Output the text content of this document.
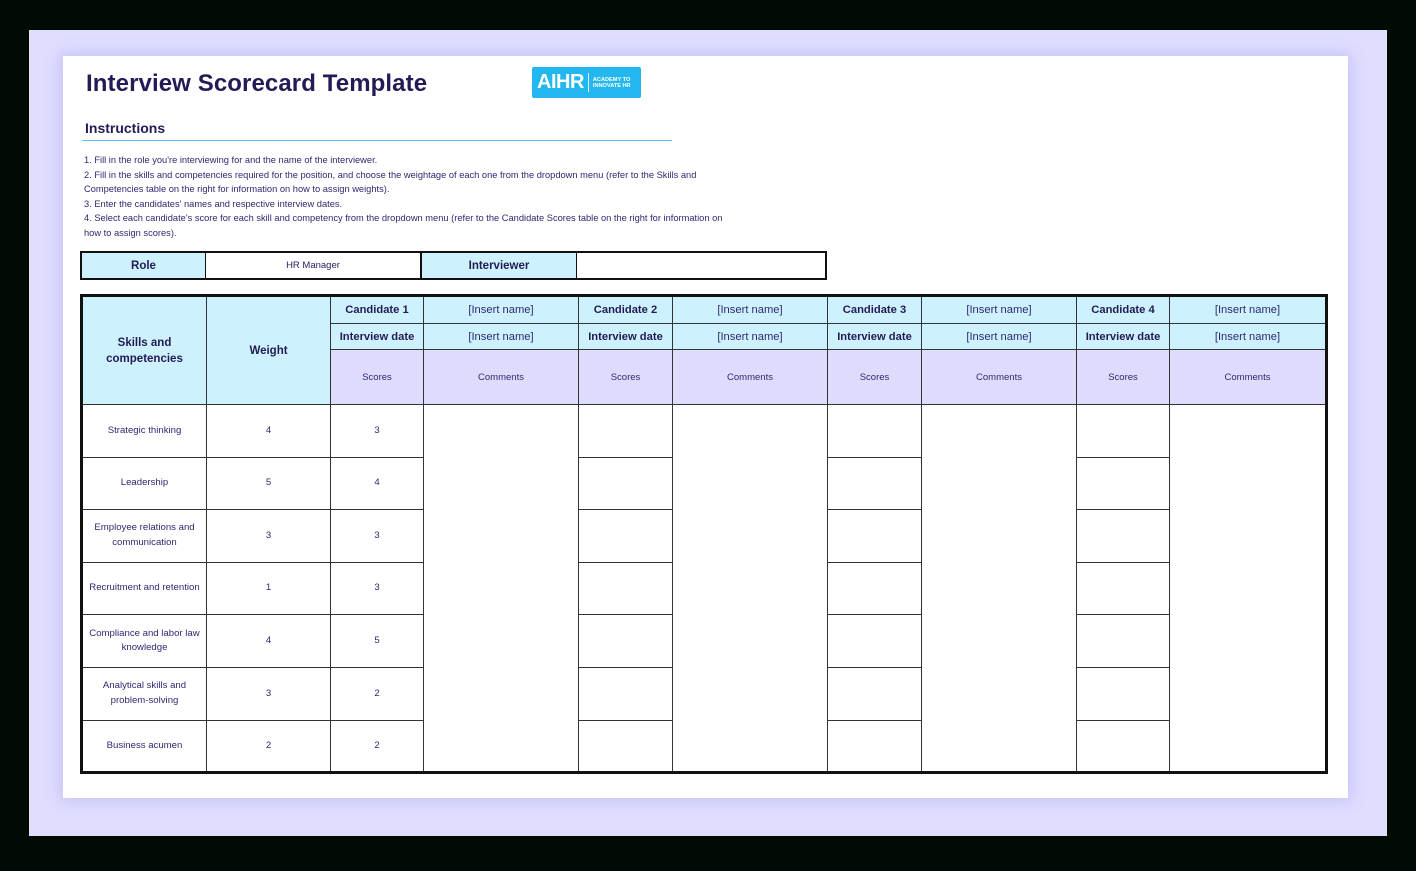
Interview Scorecard Template	AIHR ACADEMY TO
INNOVATE HR
Instructions

1. Fill in the role you're interviewing for and the name of the interviewer.

2. Fill in the skills and competencies required for the position, and choose the weightage of each one from the dropdown menu (refer to the Skills and Competencies table on the right for information on how to assign weights).

3. Enter the candidates' names and respective interview dates.

4. Select each candidate's score for each skill and competency from the dropdown menu (refer to the Candidate Scores table on the right for information on how to assign scores).

Role	HR Manager	Interviewer
Skills and competencies	Weight	Candidate 1	[Insert name]	Candidate 2	[Insert name]	Candidate 3	[Insert name]	Candidate 4	[Insert name]
		Interview date	[Insert name]	Interview date	[Insert name]	Interview date	[Insert name]	Interview date	[Insert name]
		Scores	Comments	Scores	Comments	Scores	Comments	Scores	Comments
Strategic thinking	4	3							
Leadership	5	4							
Employee relations and communication	3	3							
Recruitment and retention	1	3							
Compliance and labor law knowledge	4	5							
Analytical skills and problem-solving	3	2							
Business acumen	2	2							
